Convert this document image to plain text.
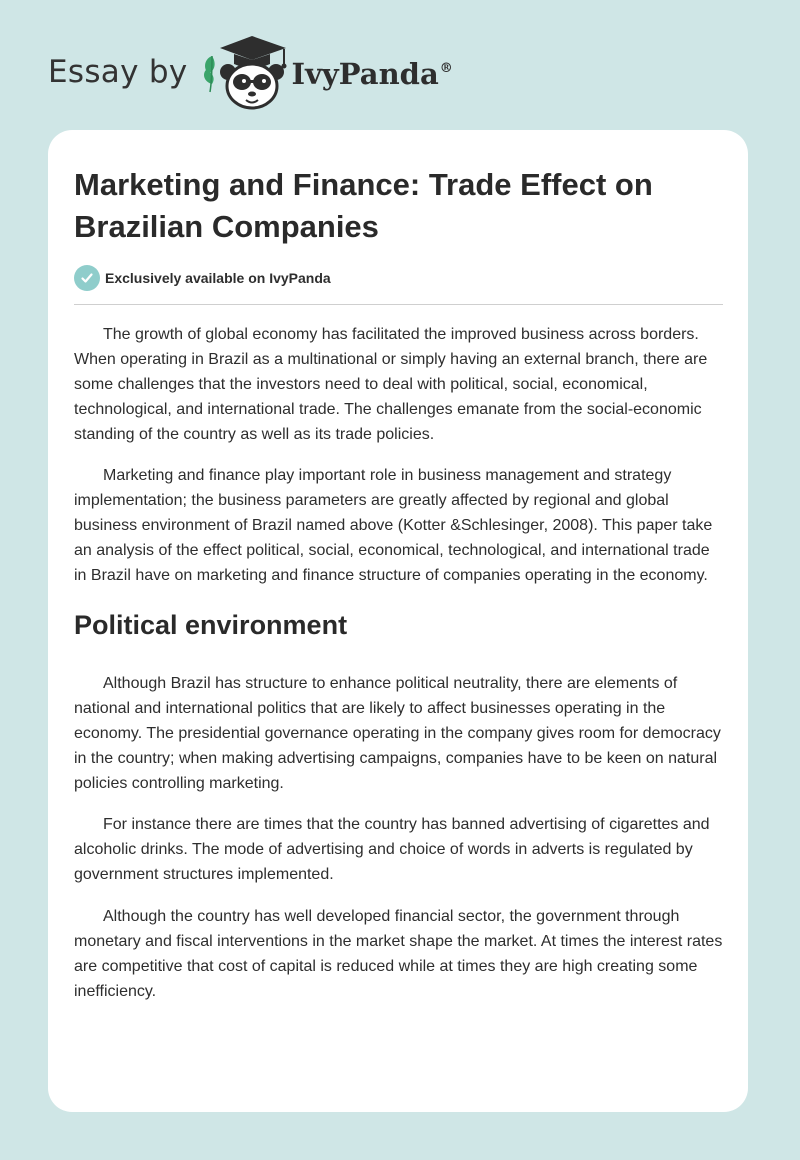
Essay by	IvyPanda®
Marketing and Finance: Trade Effect on Brazilian Companies
Exclusively available on IvyPanda

The growth of global economy has facilitated the improved business across borders. When operating in Brazil as a multinational or simply having an external branch, there are some challenges that the investors need to deal with political, social, economical, technological, and international trade. The challenges emanate from the social-economic standing of the country as well as its trade policies.

Marketing and finance play important role in business management and strategy implementation; the business parameters are greatly affected by regional and global business environment of Brazil named above (Kotter &Schlesinger, 2008). This paper take an analysis of the effect political, social, economical, technological, and international trade in Brazil have on marketing and finance structure of companies operating in the economy.

Political environment

Although Brazil has structure to enhance political neutrality, there are elements of national and international politics that are likely to affect businesses operating in the economy. The presidential governance operating in the company gives room for democracy in the country; when making advertising campaigns, companies have to be keen on natural policies controlling marketing.

For instance there are times that the country has banned advertising of cigarettes and alcoholic drinks. The mode of advertising and choice of words in adverts is regulated by government structures implemented.

Although the country has well developed financial sector, the government through monetary and fiscal interventions in the market shape the market. At times the interest rates are competitive that cost of capital is reduced while at times they are high creating some inefficiency.
